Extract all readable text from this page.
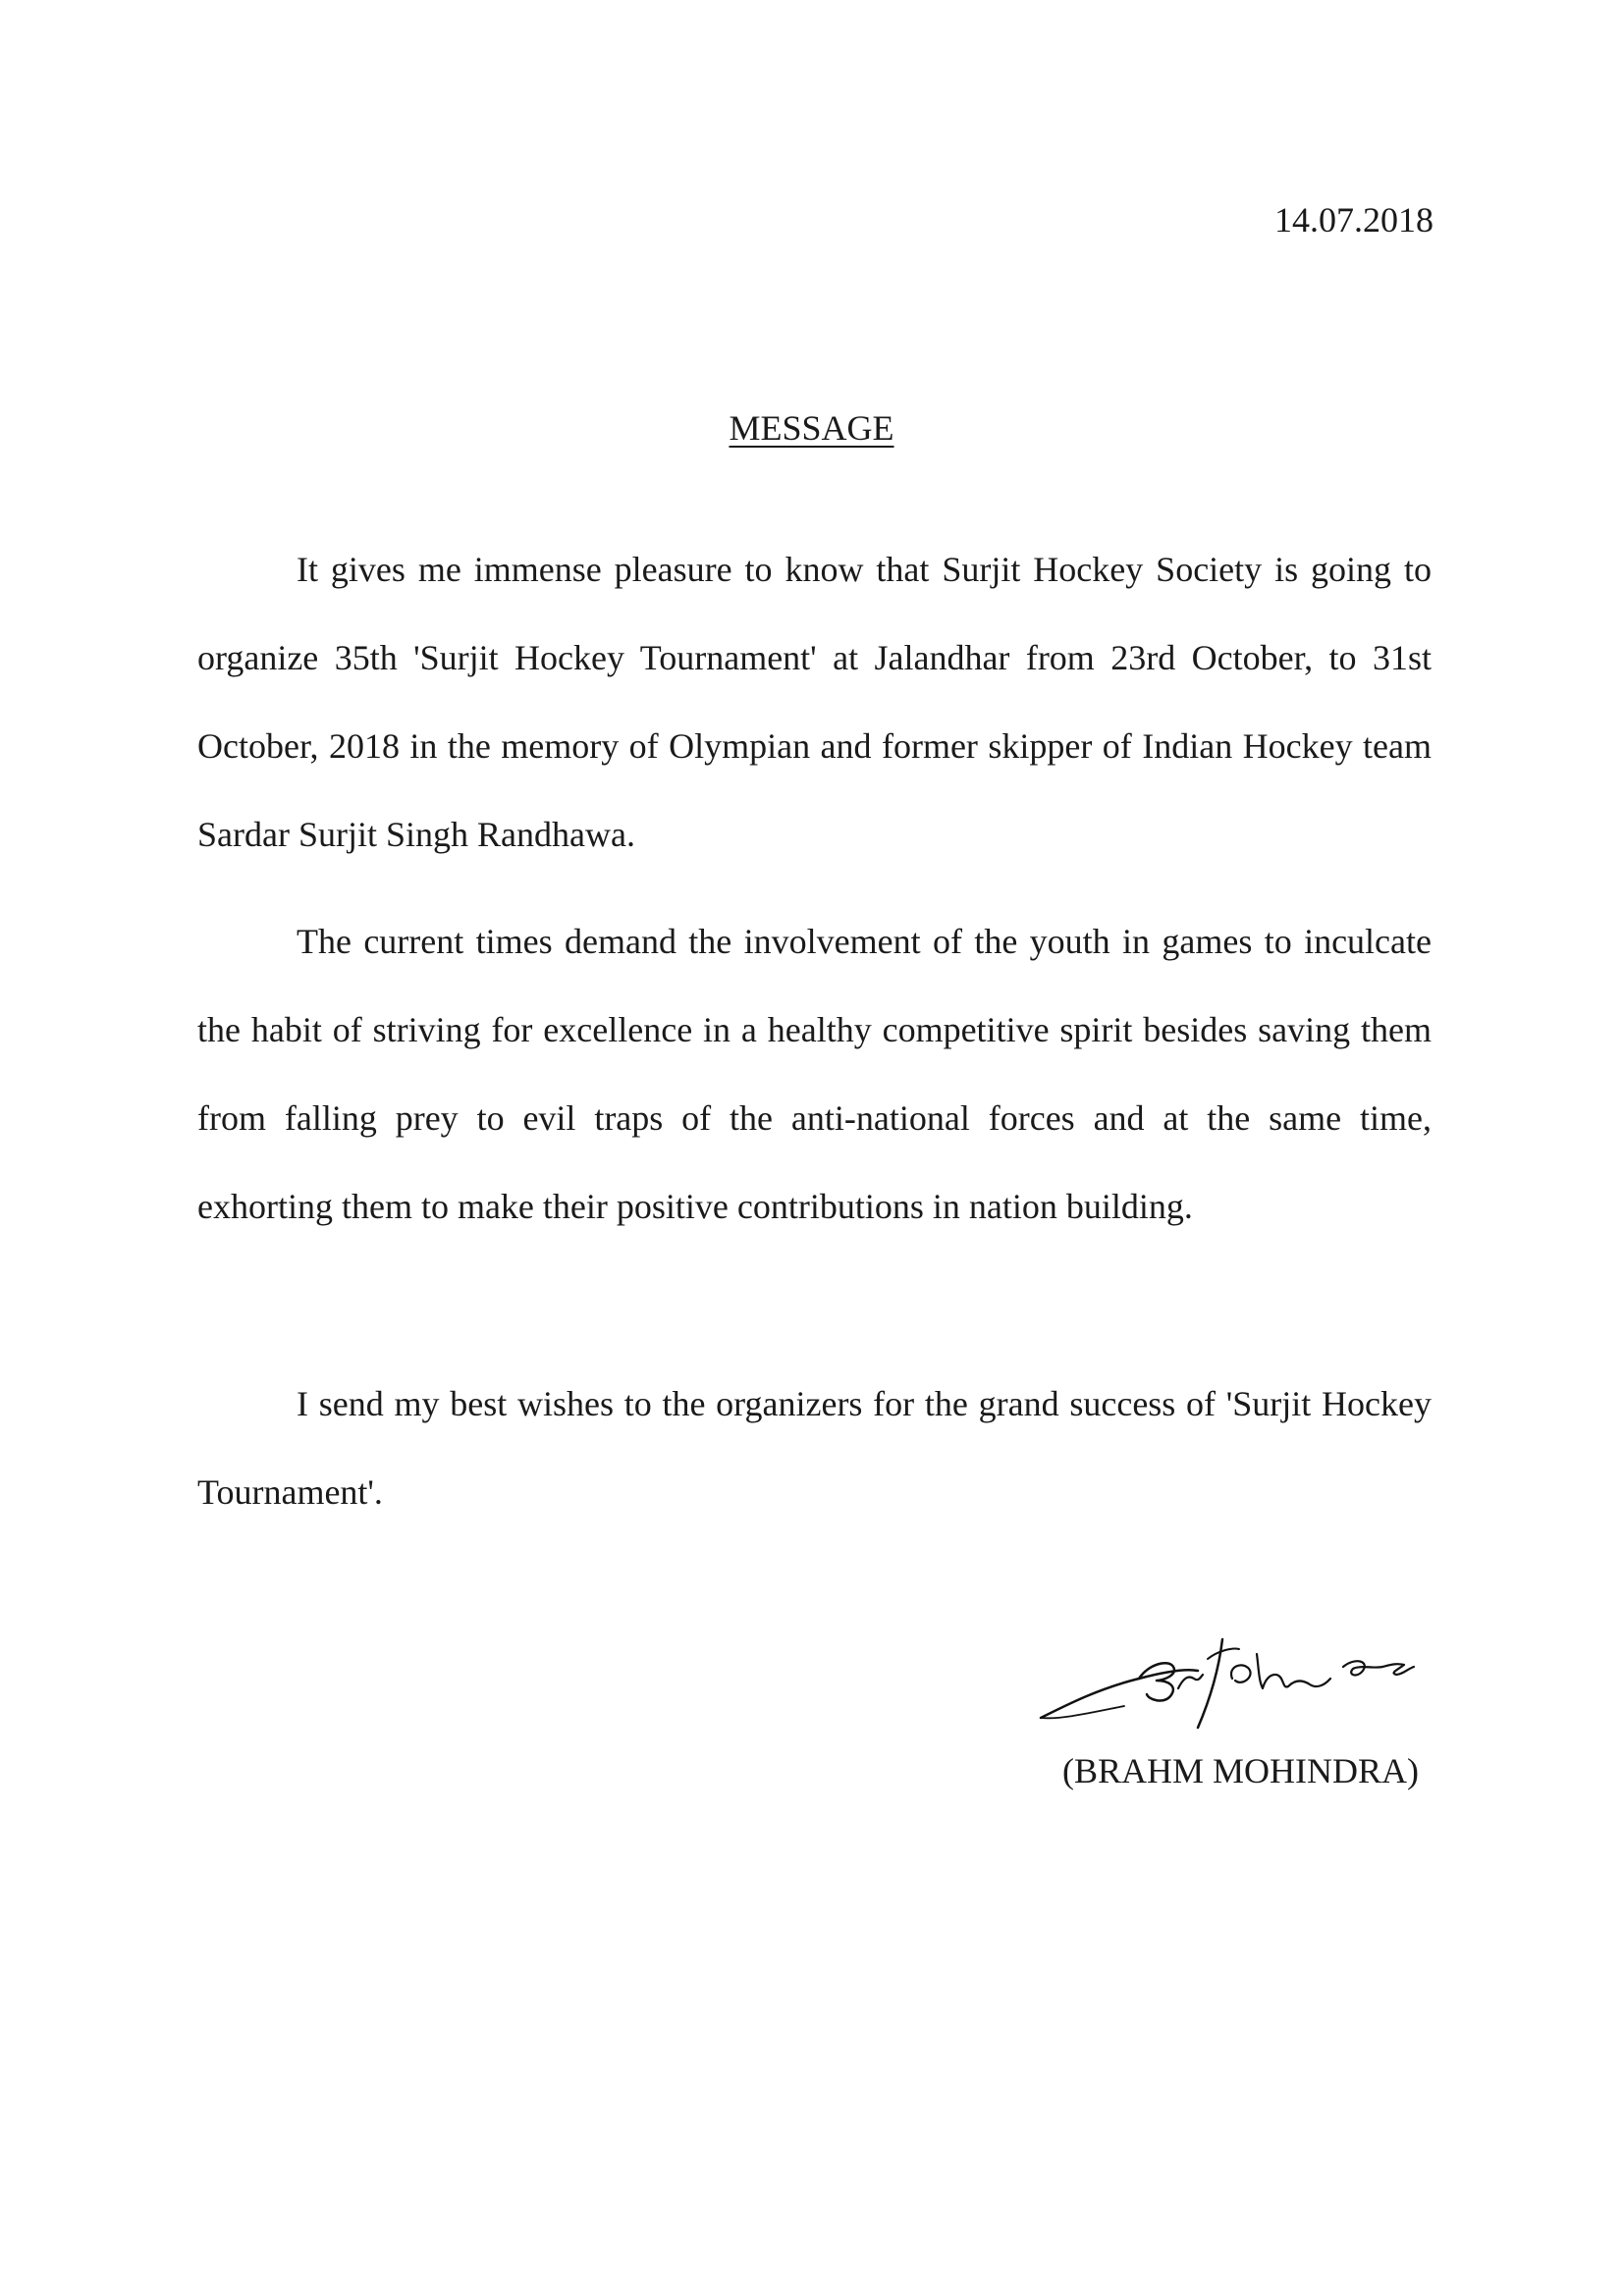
14.07.2018
MESSAGE

It gives me immense pleasure to know that Surjit Hockey Society is going to organize 35th 'Surjit Hockey Tournament' at Jalandhar from 23rd October, to 31st October, 2018 in the memory of Olympian and former skipper of Indian Hockey team Sardar Surjit Singh Randhawa.

The current times demand the involvement of the youth in games to inculcate the habit of striving for excellence in a healthy competitive spirit besides saving them from falling prey to evil traps of the anti-national forces and at the same time, exhorting them to make their positive contributions in nation building.

I send my best wishes to the organizers for the grand success of 'Surjit Hockey Tournament'.

(BRAHM MOHINDRA)
